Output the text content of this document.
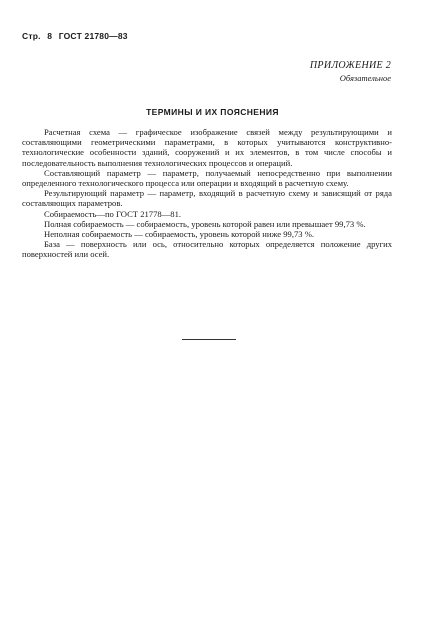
Стр. 8 ГОСТ 21780—83
ПРИЛОЖЕНИЕ 2
Обязательное
ТЕРМИНЫ И ИХ ПОЯСНЕНИЯ

Расчетная схема — графическое изображение связей между результирующими и составляющими геометрическими параметрами, в которых учитываются конструктивно-технологические особенности зданий, сооружений и их элементов, в том числе способы и последовательность выполнения технологических процессов и операций.

Составляющий параметр — параметр, получаемый непосредственно при выполнении определенного технологического процесса или операции и входящий в расчетную схему.

Результирующий параметр — параметр, входящий в расчетную схему и зависящий от ряда составляющих параметров.

Собираемость—по ГОСТ 21778—81.

Полная собираемость — собираемость, уровень которой равен или превышает 99,73 %.

Неполная собираемость — собираемость, уровень которой ниже 99,73 %.

База — поверхность или ось, относительно которых определяется положение других поверхностей или осей.
